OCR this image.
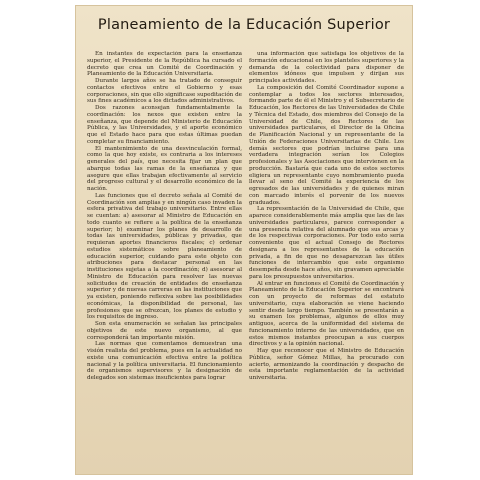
Planeamiento de la Educación Superior

En instantes de expectación para la enseñanza superior, el Presidente de la República ha cursado el decreto que crea un Comité de Coordinación y Planeamiento de la Educación Universitaria.

Durante largos años se ha tratado de conseguir contactos efectivos entre el Gobierno y esas corporaciones, sin que ello significase supeditación de sus fines académicos a los dictados administrativos.

Dos razones aconsejan fundamentalmente la coordinación: los nexos que existen entre la enseñanza, que depende del Ministerio de Educación Pública, y las Universidades, y el aporte económico que el Estado hace para que estas últimas puedan completar su financiamiento.

El mantenimiento de una desvinculación formal, como la que hoy existe, es contraria a los intereses generales del país, que necesita fijar un plan que abarque todas las ramas de la enseñanza y que asegure que ellas trabajan efectivamente al servicio del progreso cultural y el desarrollo económico de la nación.

Las funciones que el decreto señala al Comité de Coordinación son amplias y en ningún caso invaden la esfera privativa del trabajo universitario. Entre ellas se cuentan: a) asesorar al Ministro de Educación en todo cuanto se refiere a la política de la enseñanza superior; b) examinar los planes de desarrollo de todas las universidades, públicas y privadas, que requieran aportes financieros fiscales; c) ordenar estudios sistemáticos sobre planeamiento de educación superior, cuidando para este objeto con atribuciones para destacar personal en las instituciones sujetas a la coordinación; d) asesorar al Ministro de Educación para resolver las nuevas solicitudes de creación de entidades de enseñanza superior y de nuevas carreras en las instituciones que ya existen, poniendo reflexiva sobre las posibilidades económicas, la disponibilidad de personal, las profesiones que se ofrezcan, los planes de estudio y los requisitos de ingreso.

Son esta enumeración se señalan las principales objetivos de este nuevo organismo, al que corresponderá tan importante misión.

Las normas que comentamos demuestran una visión realista del problema, pues en la actualidad no existe una comunicación efectiva entre la política nacional y la política universitaria. El funcionamiento de organismos supervisores y la designación de delegados son sistemas insuficientes para lograr

una información que satisfaga los objetivos de la formación educacional en los planteles superiores y la demanda de la colectividad para disponer de elementos idóneos que impulsen y dirijan sus principales actividades.

La composición del Comité Coordinador supone a contemplar a todos los sectores interesados, formando parte de él el Ministro y el Subsecretario de Educación, los Rectores de las Universidades de Chile y Técnica del Estado, dos miembros del Consejo de la Universidad de Chile, dos Rectores de las universidades particulares, el Director de la Oficina de Planificación Nacional y un representante de la Unión de Federaciones Universitarias de Chile. Los demás sectores que podrían incluirse para una verdadera integración serían los Colegios profesionales y las Asociaciones que intervienen en la producción. Bastaría que cada uno de estos sectores eligiera un representante cuyo nombramiento pueda llevar al seno del Comité la experiencia de los egresados de las universidades y de quienes miran con marcado interés el porvenir de los nuevos graduados.

La representación de la Universidad de Chile, que aparece considerablemente más amplia que las de las universidades particulares, parece corresponder a una presencia relativa del alumnado que sus arcas y de los respectivas corporaciones. Por todo esto sería conveniente que el actual Consejo de Rectores designara a los representantes de la educación privada, a fin de que no desaparezcan las útiles funciones de intercambio que este organismo desempeña desde hace años, sin gravamen apreciable para los presupuestos universitarios.

Al entrar en funciones el Comité de Coordinación y Planeamiento de la Educación Superior se encontrará con un proyecto de reformas del estatuto universitario, cuya elaboración se viene haciendo sentir desde largo tiempo. También se presentarán a su examen los problemas, algunos de ellos muy antiguos, acerca de la uniformidad del sistema de funcionamiento interno de las universidades, que en estos mismos instantes preocupan a sus cuerpos directivos y a la opinión nacional.

Hay que reconocer que el Ministro de Educación Pública, señor Gómez Millas, ha procurado con acierto, armonizando la coordinación y despacho de esta importante reglamentación de la actividad universitaria.
